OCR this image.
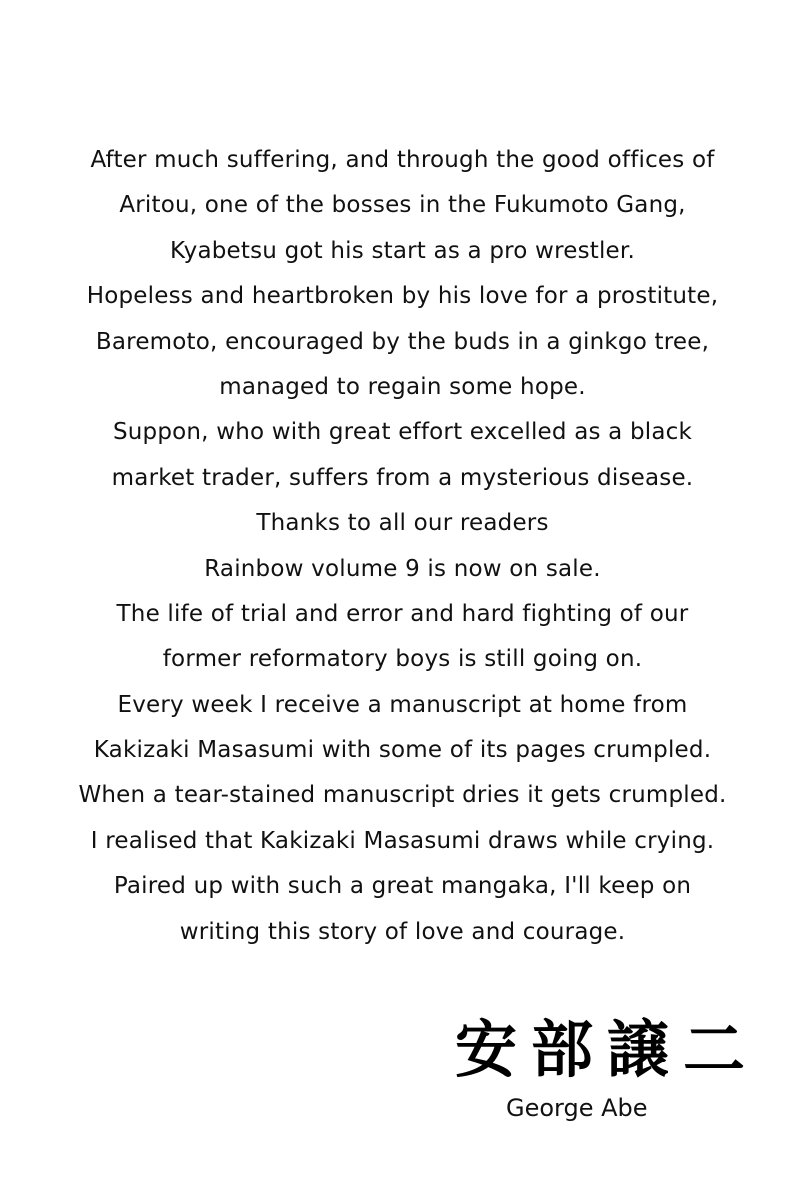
After much suffering, and through the good offices of
Aritou, one of the bosses in the Fukumoto Gang,
Kyabetsu got his start as a pro wrestler.
Hopeless and heartbroken by his love for a prostitute,
Baremoto, encouraged by the buds in a ginkgo tree,
managed to regain some hope.
Suppon, who with great effort excelled as a black
market trader, suffers from a mysterious disease.
Thanks to all our readers
Rainbow volume 9 is now on sale.
The life of trial and error and hard fighting of our
former reformatory boys is still going on.
Every week I receive a manuscript at home from
Kakizaki Masasumi with some of its pages crumpled.
When a tear-stained manuscript dries it gets crumpled.
I realised that Kakizaki Masasumi draws while crying.
Paired up with such a great mangaka, I'll keep on
writing this story of love and courage.
安部譲二
George Abe
